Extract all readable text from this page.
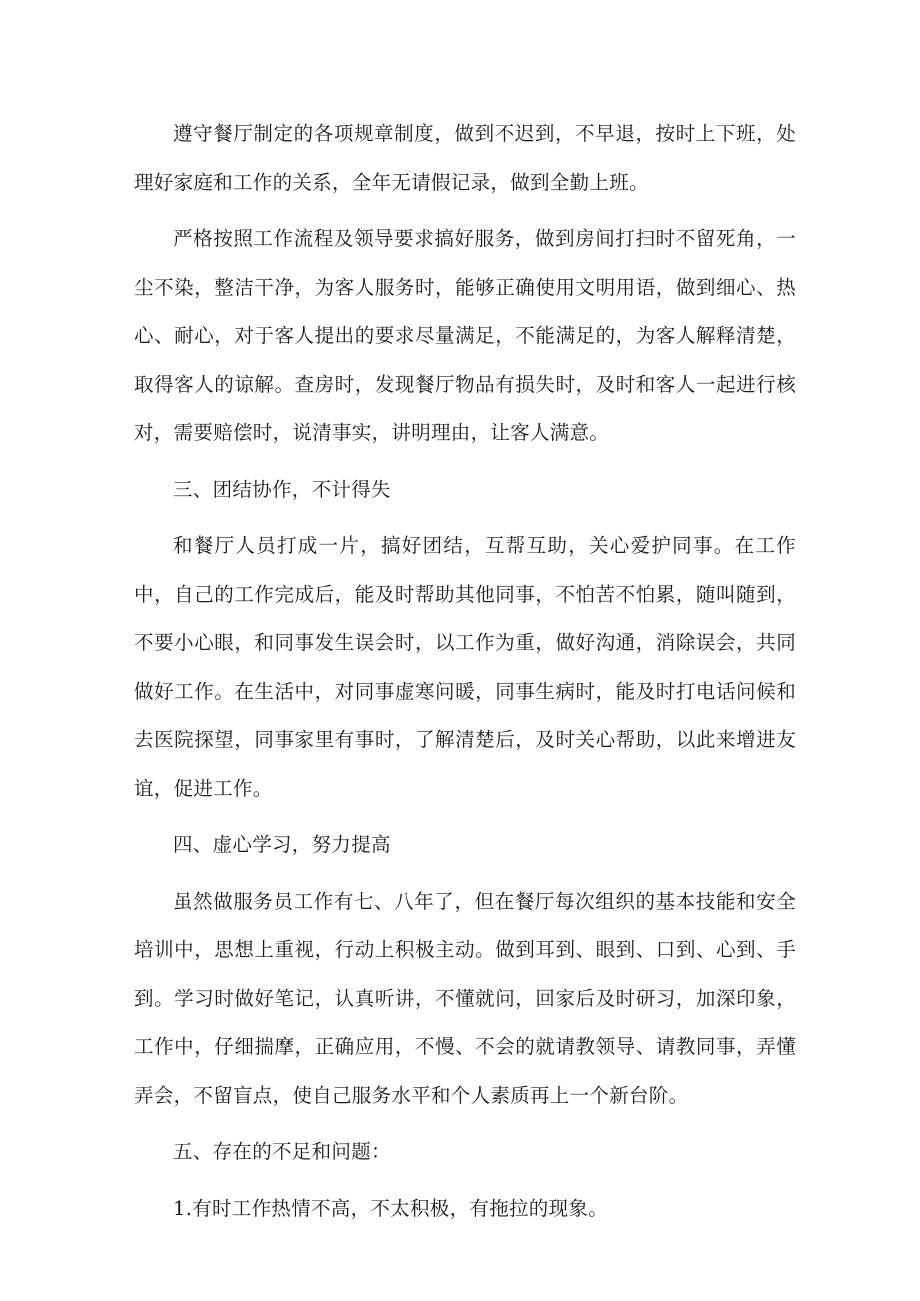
遵守餐厅制定的各项规章制度，做到不迟到，不早退，按时上下班，处理好家庭和工作的关系，全年无请假记录，做到全勤上班。

严格按照工作流程及领导要求搞好服务，做到房间打扫时不留死角，一尘不染，整洁干净，为客人服务时，能够正确使用文明用语，做到细心、热心、耐心，对于客人提出的要求尽量满足，不能满足的，为客人解释清楚，取得客人的谅解。查房时，发现餐厅物品有损失时，及时和客人一起进行核对，需要赔偿时，说清事实，讲明理由，让客人满意。

三、团结协作，不计得失

和餐厅人员打成一片，搞好团结，互帮互助，关心爱护同事。在工作中，自己的工作完成后，能及时帮助其他同事，不怕苦不怕累，随叫随到，不要小心眼，和同事发生误会时，以工作为重，做好沟通，消除误会，共同做好工作。在生活中，对同事虚寒问暖，同事生病时，能及时打电话问候和去医院探望，同事家里有事时，了解清楚后，及时关心帮助，以此来增进友谊，促进工作。

四、虚心学习，努力提高

虽然做服务员工作有七、八年了，但在餐厅每次组织的基本技能和安全培训中，思想上重视，行动上积极主动。做到耳到、眼到、口到、心到、手到。学习时做好笔记，认真听讲，不懂就问，回家后及时研习，加深印象，工作中，仔细揣摩，正确应用，不慢、不会的就请教领导、请教同事，弄懂弄会，不留盲点，使自己服务水平和个人素质再上一个新台阶。

五、存在的不足和问题：

1.有时工作热情不高，不太积极，有拖拉的现象。
